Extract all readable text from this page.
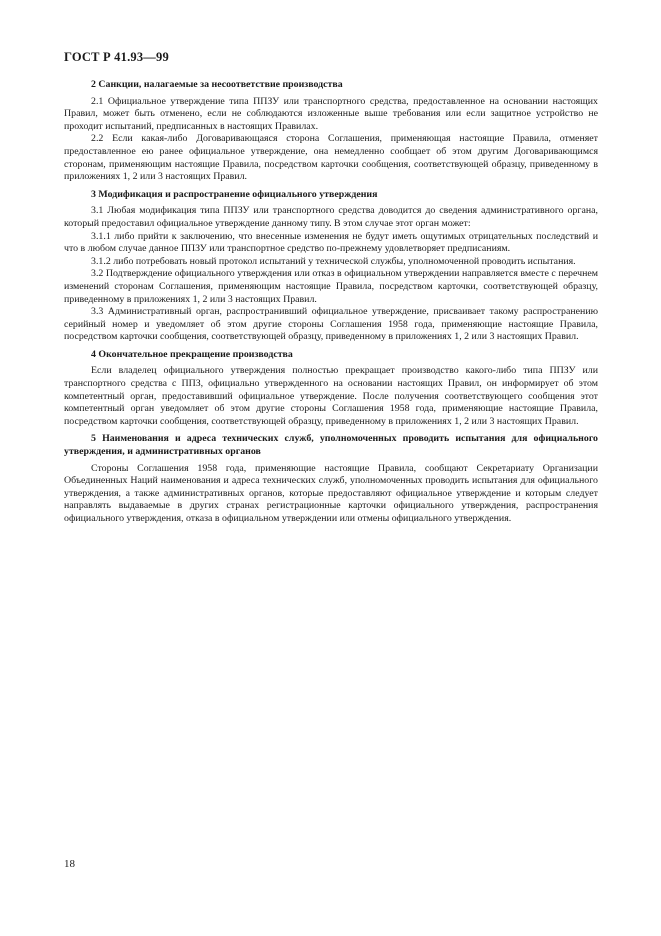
ГОСТ Р 41.93—99
2 Санкции, налагаемые за несоответствие производства

2.1 Официальное утверждение типа ППЗУ или транспортного средства, предоставленное на основании настоящих Правил, может быть отменено, если не соблюдаются изложенные выше требования или если защитное устройство не проходит испытаний, предписанных в настоящих Правилах.

2.2 Если какая-либо Договаривающаяся сторона Соглашения, применяющая настоящие Правила, отменяет предоставленное ею ранее официальное утверждение, она немедленно сообщает об этом другим Договаривающимся сторонам, применяющим настоящие Правила, посредством карточки сообщения, соответствующей образцу, приведенному в приложениях 1, 2 или 3 настоящих Правил.

3 Модификация и распространение официального утверждения

3.1 Любая модификация типа ППЗУ или транспортного средства доводится до сведения административного органа, который предоставил официальное утверждение данному типу. В этом случае этот орган может:

3.1.1 либо прийти к заключению, что внесенные изменения не будут иметь ощутимых отрицательных последствий и что в любом случае данное ППЗУ или транспортное средство по-прежнему удовлетворяет предписаниям.

3.1.2 либо потребовать новый протокол испытаний у технической службы, уполномоченной проводить испытания.

3.2 Подтверждение официального утверждения или отказ в официальном утверждении направляется вместе с перечнем изменений сторонам Соглашения, применяющим настоящие Правила, посредством карточки, соответствующей образцу, приведенному в приложениях 1, 2 или 3 настоящих Правил.

3.3 Административный орган, распространивший официальное утверждение, присваивает такому распространению серийный номер и уведомляет об этом другие стороны Соглашения 1958 года, применяющие настоящие Правила, посредством карточки сообщения, соответствующей образцу, приведенному в приложениях 1, 2 или 3 настоящих Правил.

4 Окончательное прекращение производства

Если владелец официального утверждения полностью прекращает производство какого-либо типа ППЗУ или транспортного средства с ППЗ, официально утвержденного на основании настоящих Правил, он информирует об этом компетентный орган, предоставивший официальное утверждение. После получения соответствующего сообщения этот компетентный орган уведомляет об этом другие стороны Соглашения 1958 года, применяющие настоящие Правила, посредством карточки сообщения, соответствующей образцу, приведенному в приложениях 1, 2 или 3 настоящих Правил.

5 Наименования и адреса технических служб, уполномоченных проводить испытания для официального утверждения, и административных органов

Стороны Соглашения 1958 года, применяющие настоящие Правила, сообщают Секретариату Организации Объединенных Наций наименования и адреса технических служб, уполномоченных проводить испытания для официального утверждения, а также административных органов, которые предоставляют официальное утверждение и которым следует направлять выдаваемые в других странах регистрационные карточки официального утверждения, распространения официального утверждения, отказа в официальном утверждении или отмены официального утверждения.

18
